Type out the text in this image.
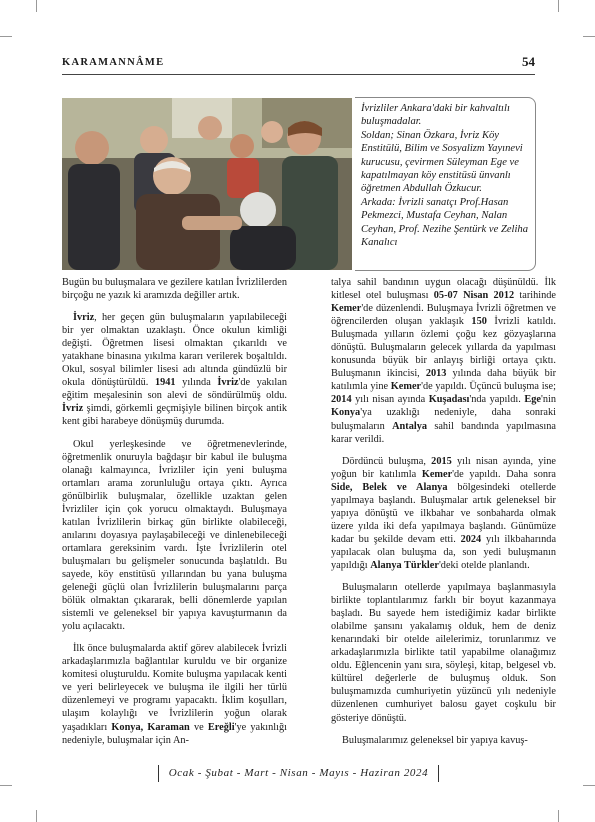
KARAMANNÂME	54
İvrizliler Ankara'daki bir kahvaltılı buluşmadalar.
Soldan; Sinan Özkara, İvriz Köy Enstitülü, Bilim ve Sosyalizm Yayınevi kurucusu, çevirmen Süleyman Ege ve kapatılmayan köy enstitüsü ünvanlı öğretmen Abdullah Özkucur.
Arkada: İvrizli sanatçı Prof.Hasan Pekmezci, Mustafa Ceyhan, Nalan Ceyhan, Prof. Nezihe Şentürk ve Zeliha Kanalıcı

Bugün bu buluşmalara ve gezilere katılan İvrizlilerden birçoğu ne yazık ki aramızda değiller artık.

İvriz, her geçen gün buluşmaların yapılabileceği bir yer olmaktan uzaklaştı. Önce okulun kimliği değişti. Öğretmen lisesi olmaktan çıkarıldı ve yatakhane binasına yıkılma kararı verilerek boşaltıldı. Okul, sosyal bilimler lisesi adı altında gündüzlü bir okula dönüştürüldü. 1941 yılında İvriz'de yakılan eğitim meşalesinin son alevi de söndürülmüş oldu. İvriz şimdi, görkemli geçmişiyle bilinen birçok antik kent gibi harabeye dönüşmüş durumda.

Okul yerleşkesinde ve öğretmenevlerinde, öğretmenlik onuruyla bağdaşır bir kabul ile buluşma olanağı kalmayınca, İvrizliler için yeni buluşma ortamları arama zorunluluğu ortaya çıktı. Ayrıca gönülbirlik buluşmalar, özellikle uzaktan gelen İvrizliler için çok yorucu olmaktaydı. Buluşmaya katılan İvrizlilerin birkaç gün birlikte olabileceği, anılarını doyasıya paylaşabileceği ve dinlenebileceği ortamlara gereksinim vardı. İşte İvrizlilerin otel buluşmaları bu gelişmeler sonucunda başlatıldı. Bu sayede, köy enstitüsü yıllarından bu yana buluşma geleneği güçlü olan İvrizlilerin buluşmalarını parça bölük olmaktan çıkararak, belli dönemlerde yapılan sistemli ve geleneksel bir yapıya kavuşturmanın da yolu açılacaktı.

İlk önce buluşmalarda aktif görev alabilecek İvrizli arkadaşlarımızla bağlantılar kuruldu ve bir organize komitesi oluşturuldu. Komite buluşma yapılacak kenti ve yeri belirleyecek ve buluşma ile ilgili her türlü düzenlemeyi ve programı yapacaktı. İklim koşulları, ulaşım kolaylığı ve İvrizlilerin yoğun olarak yaşadıkları Konya, Karaman ve Ereğli'ye yakınlığı nedeniyle, buluşmalar için An-

talya sahil bandının uygun olacağı düşünüldü. İlk kitlesel otel buluşması 05-07 Nisan 2012 tarihinde Kemer'de düzenlendi. Buluşmaya İvrizli öğretmen ve öğrencilerden oluşan yaklaşık 150 İvrizli katıldı. Buluşmada yılların özlemi çoğu kez gözyaşlarına dönüştü. Buluşmaların gelecek yıllarda da yapılması konusunda büyük bir anlayış birliği ortaya çıktı. Buluşmanın ikincisi, 2013 yılında daha büyük bir katılımla yine Kemer'de yapıldı. Üçüncü buluşma ise; 2014 yılı nisan ayında Kuşadası'nda yapıldı. Ege'nin Konya'ya uzaklığı nedeniyle, daha sonraki buluşmaların Antalya sahil bandında yapılmasına karar verildi.

Dördüncü buluşma, 2015 yılı nisan ayında, yine yoğun bir katılımla Kemer'de yapıldı. Daha sonra Side, Belek ve Alanya bölgesindeki otellerde yapılmaya başlandı. Buluşmalar artık geleneksel bir yapıya dönüştü ve ilkbahar ve sonbaharda olmak üzere yılda iki defa yapılmaya başlandı. Günümüze kadar bu şekilde devam etti. 2024 yılı ilkbaharında yapılacak olan buluşma da, son yedi buluşmanın yapıldığı Alanya Türkler'deki otelde planlandı.

Buluşmaların otellerde yapılmaya başlanmasıyla birlikte toplantılarımız farklı bir boyut kazanmaya başladı. Bu sayede hem istediğimiz kadar birlikte olabilme şansını yakalamış olduk, hem de deniz kenarındaki bir otelde ailelerimiz, torunlarımız ve arkadaşlarımızla birlikte tatil yapabilme olanağımız oldu. Eğlencenin yanı sıra, söyleşi, kitap, belgesel vb. kültürel değerlerle de buluşmuş olduk. Son buluşmamızda cumhuriyetin yüzüncü yılı nedeniyle düzenlenen cumhuriyet balosu gayet coşkulu bir gösteriye dönüştü.

Buluşmalarımız geleneksel bir yapıya kavuş-

Ocak - Şubat - Mart - Nisan - Mayıs - Haziran 2024
